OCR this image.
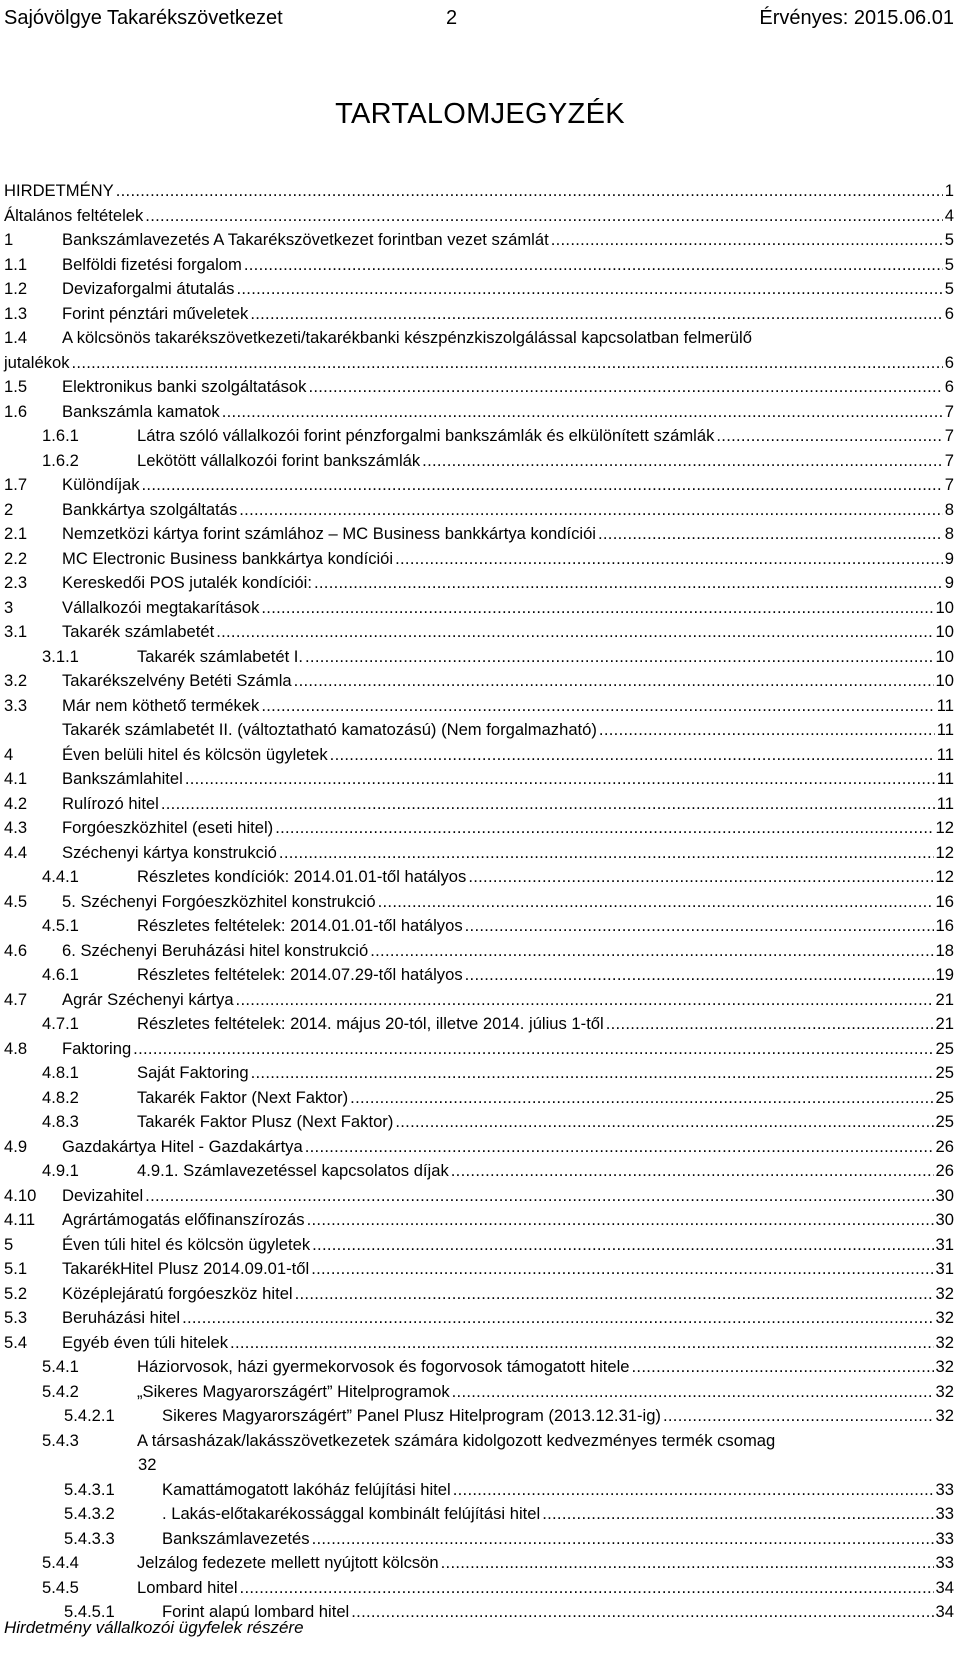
Sajóvölgye Takarékszövetkezet	2	Érvényes: 2015.06.01
TARTALOMJEGYZÉK
HIRDETMÉNY .....	1
Általános feltételek .....	4
1	Bankszámlavezetés A Takarékszövetkezet forintban vezet számlát .....	5
1.1	Belföldi fizetési forgalom .....	5
1.2	Devizaforgalmi átutalás .....	5
1.3	Forint pénztári műveletek .....	6
1.4 A kölcsönös takarékszövetkezeti/takarékbanki készpénzkiszolgálással kapcsolatban felmerülő
jutalékok .....	6
1.5	Elektronikus banki szolgáltatások .....	6
1.6	Bankszámla kamatok .....	7
1.6.1	Látra szóló vállalkozói forint pénzforgalmi bankszámlák és elkülönített számlák .....	7
1.6.2	Lekötött vállalkozói forint bankszámlák .....	7
1.7	Különdíjak .....	7
2	Bankkártya szolgáltatás .....	8
2.1	Nemzetközi kártya forint számlához – MC Business bankkártya kondíciói .....	8
2.2	MC Electronic Business bankkártya kondíciói .....	9
2.3	Kereskedői POS jutalék kondíciói: .....	9
3	Vállalkozói megtakarítások .....	10
3.1	Takarék számlabetét .....	10
3.1.1	Takarék számlabetét I. .....	10
3.2	Takarékszelvény Betéti Számla .....	10
3.3	Már nem köthető termékek .....	11
Takarék számlabetét II. (változtatható kamatozású) (Nem forgalmazható) .....	11
4	Éven belüli hitel és kölcsön ügyletek .....	11
4.1	Bankszámlahitel .....	11
4.2	Rulírozó hitel .....	11
4.3	Forgóeszközhitel (eseti hitel) .....	12
4.4	Széchenyi kártya konstrukció .....	12
4.4.1	Részletes kondíciók: 2014.01.01-től hatályos .....	12
4.5	5. Széchenyi Forgóeszközhitel konstrukció .....	16
4.5.1	Részletes feltételek: 2014.01.01-től hatályos .....	16
4.6	6. Széchenyi Beruházási hitel konstrukció .....	18
4.6.1	Részletes feltételek: 2014.07.29-től hatályos .....	19
4.7	Agrár Széchenyi kártya .....	21
4.7.1	Részletes feltételek: 2014. május 20-tól, illetve 2014. július 1-től .....	21
4.8	Faktoring .....	25
4.8.1	Saját Faktoring .....	25
4.8.2	Takarék Faktor (Next Faktor) .....	25
4.8.3	Takarék Faktor Plusz (Next Faktor) .....	25
4.9	Gazdakártya Hitel - Gazdakártya .....	26
4.9.1	4.9.1. Számlavezetéssel kapcsolatos díjak .....	26
4.10	Devizahitel .....	30
4.11	Agrártámogatás előfinanszírozás .....	30
5	Éven túli hitel és kölcsön ügyletek .....	31
5.1	TakarékHitel Plusz 2014.09.01-től .....	31
5.2	Középlejáratú forgóeszköz hitel .....	32
5.3	Beruházási hitel .....	32
5.4	Egyéb éven túli hitelek .....	32
5.4.1	Háziorvosok, házi gyermekorvosok és fogorvosok támogatott hitele .....	32
5.4.2	„Sikeres Magyarországért” Hitelprogramok .....	32
5.4.2.1	Sikeres Magyarországért” Panel Plusz Hitelprogram (2013.12.31-ig) .....	32
5.4.3	A társasházak/lakásszövetkezetek számára kidolgozott kedvezményes termék csomag
32
5.4.3.1	Kamattámogatott lakóház felújítási hitel .....	33
5.4.3.2	. Lakás-előtakarékossággal kombinált felújítási hitel .....	33
5.4.3.3	Bankszámlavezetés .....	33
5.4.4	Jelzálog fedezete mellett nyújtott kölcsön .....	33
5.4.5	Lombard hitel .....	34
5.4.5.1	Forint alapú lombard hitel .....	34
Hirdetmény vállalkozói ügyfelek részére
